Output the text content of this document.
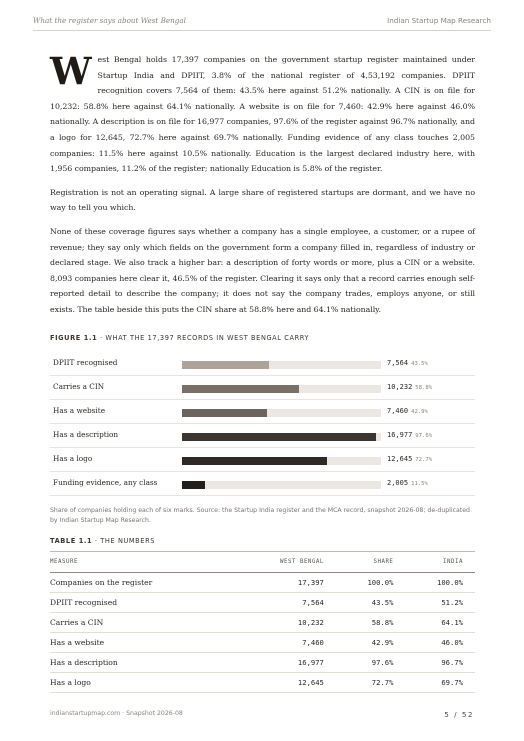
What the register says about West Bengal	Indian Startup Map Research

West Bengal holds 17,397 companies on the government startup register maintained under Startup India and DPIIT, 3.8% of the national register of 4,53,192 companies. DPIIT recognition covers 7,564 of them: 43.5% here against 51.2% nationally. A CIN is on file for 10,232: 58.8% here against 64.1% nationally. A website is on file for 7,460: 42.9% here against 46.0% nationally. A description is on file for 16,977 companies, 97.6% of the register against 96.7% nationally, and a logo for 12,645, 72.7% here against 69.7% nationally. Funding evidence of any class touches 2,005 companies: 11.5% here against 10.5% nationally. Education is the largest declared industry here, with 1,956 companies, 11.2% of the register; nationally Education is 5.8% of the register.

Registration is not an operating signal. A large share of registered startups are dormant, and we have no way to tell you which.

None of these coverage figures says whether a company has a single employee, a customer, or a rupee of revenue; they say only which fields on the government form a company filled in, regardless of industry or declared stage. We also track a higher bar: a description of forty words or more, plus a CIN or a website. 8,093 companies here clear it, 46.5% of the register. Clearing it says only that a record carries enough self-reported detail to describe the company; it does not say the company trades, employs anyone, or still exists. The table beside this puts the CIN share at 58.8% here and 64.1% nationally.

FIGURE 1.1 · WHAT THE 17,397 RECORDS IN WEST BENGAL CARRY
DPIIT recognised	7,564 43.5%
Carries a CIN	10,232 58.8%
Has a website	7,460 42.9%
Has a description	16,977 97.6%
Has a logo	12,645 72.7%
Funding evidence, any class	2,005 11.5%
Share of companies holding each of six marks. Source: the Startup India register and the MCA record, snapshot 2026-08; de-duplicated by Indian Startup Map Research.
TABLE 1.1 · THE NUMBERS
MEASURE	WEST BENGAL	SHARE	INDIA
Companies on the register	17,397	100.0%	100.0%
DPIIT recognised	7,564	43.5%	51.2%
Carries a CIN	10,232	58.8%	64.1%
Has a website	7,460	42.9%	46.0%
Has a description	16,977	97.6%	96.7%
Has a logo	12,645	72.7%	69.7%
indianstartupmap.com · Snapshot 2026-08	5 / 52
